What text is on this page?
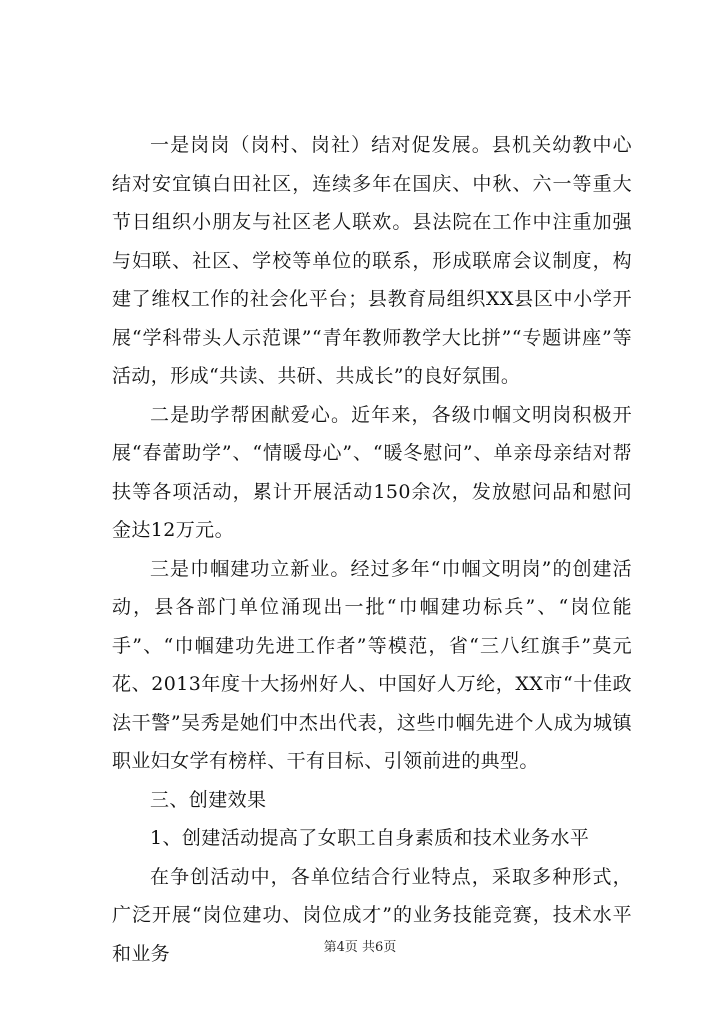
一是岗岗（岗村、岗社）结对促发展。县机关幼教中心结对安宜镇白田社区，连续多年在国庆、中秋、六一等重大节日组织小朋友与社区老人联欢。县法院在工作中注重加强与妇联、社区、学校等单位的联系，形成联席会议制度，构建了维权工作的社会化平台；县教育局组织XX县区中小学开展“学科带头人示范课”“青年教师教学大比拼”“专题讲座”等活动，形成“共读、共研、共成长”的良好氛围。

二是助学帮困献爱心。近年来，各级巾帼文明岗积极开展“春蕾助学”、“情暖母心”、“暖冬慰问”、单亲母亲结对帮扶等各项活动，累计开展活动150余次，发放慰问品和慰问金达12万元。

三是巾帼建功立新业。经过多年“巾帼文明岗”的创建活动，县各部门单位涌现出一批“巾帼建功标兵”、“岗位能手”、“巾帼建功先进工作者”等模范，省“三八红旗手”莫元花、2013年度十大扬州好人、中国好人万纶，XX市“十佳政法干警”吴秀是她们中杰出代表，这些巾帼先进个人成为城镇职业妇女学有榜样、干有目标、引领前进的典型。

三、创建效果

1、创建活动提高了女职工自身素质和技术业务水平

在争创活动中，各单位结合行业特点，采取多种形式，广泛开展“岗位建功、岗位成才”的业务技能竞赛，技术水平和业务	第4页 共6页
